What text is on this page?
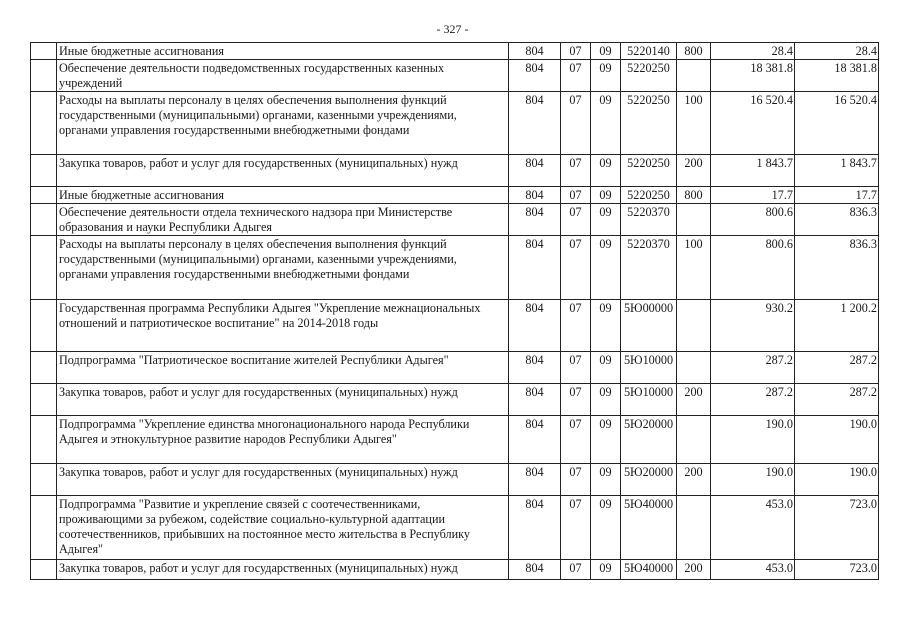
- 327 -
	Иные бюджетные ассигнования	804	07	09	5220140	800	28.4	28.4
	Обеспечение деятельности подведомственных государственных казенных учреждений	804	07	09	5220250		18 381.8	18 381.8
	Расходы на выплаты персоналу в целях обеспечения выполнения функций государственными (муниципальными) органами, казенными учреждениями, органами управления государственными внебюджетными фондами	804	07	09	5220250	100	16 520.4	16 520.4
	Закупка товаров, работ и услуг для государственных (муниципальных) нужд	804	07	09	5220250	200	1 843.7	1 843.7
	Иные бюджетные ассигнования	804	07	09	5220250	800	17.7	17.7
	Обеспечение деятельности отдела технического надзора при Министерстве образования и науки Республики Адыгея	804	07	09	5220370		800.6	836.3
	Расходы на выплаты персоналу в целях обеспечения выполнения функций государственными (муниципальными) органами, казенными учреждениями, органами управления государственными внебюджетными фондами	804	07	09	5220370	100	800.6	836.3
	Государственная программа Республики Адыгея "Укрепление межнациональных отношений и патриотическое воспитание" на 2014-2018 годы	804	07	09	5Ю00000		930.2	1 200.2
	Подпрограмма "Патриотическое воспитание жителей Республики Адыгея"	804	07	09	5Ю10000		287.2	287.2
	Закупка товаров, работ и услуг для государственных (муниципальных) нужд	804	07	09	5Ю10000	200	287.2	287.2
	Подпрограмма "Укрепление единства многонационального народа Республики Адыгея и этнокультурное развитие народов Республики Адыгея"	804	07	09	5Ю20000		190.0	190.0
	Закупка товаров, работ и услуг для государственных (муниципальных) нужд	804	07	09	5Ю20000	200	190.0	190.0
	Подпрограмма "Развитие и укрепление связей с соотечественниками, проживающими за рубежом, содействие социально-культурной адаптации соотечественников, прибывших на постоянное место жительства в Республику Адыгея"	804	07	09	5Ю40000		453.0	723.0
	Закупка товаров, работ и услуг для государственных (муниципальных) нужд	804	07	09	5Ю40000	200	453.0	723.0
